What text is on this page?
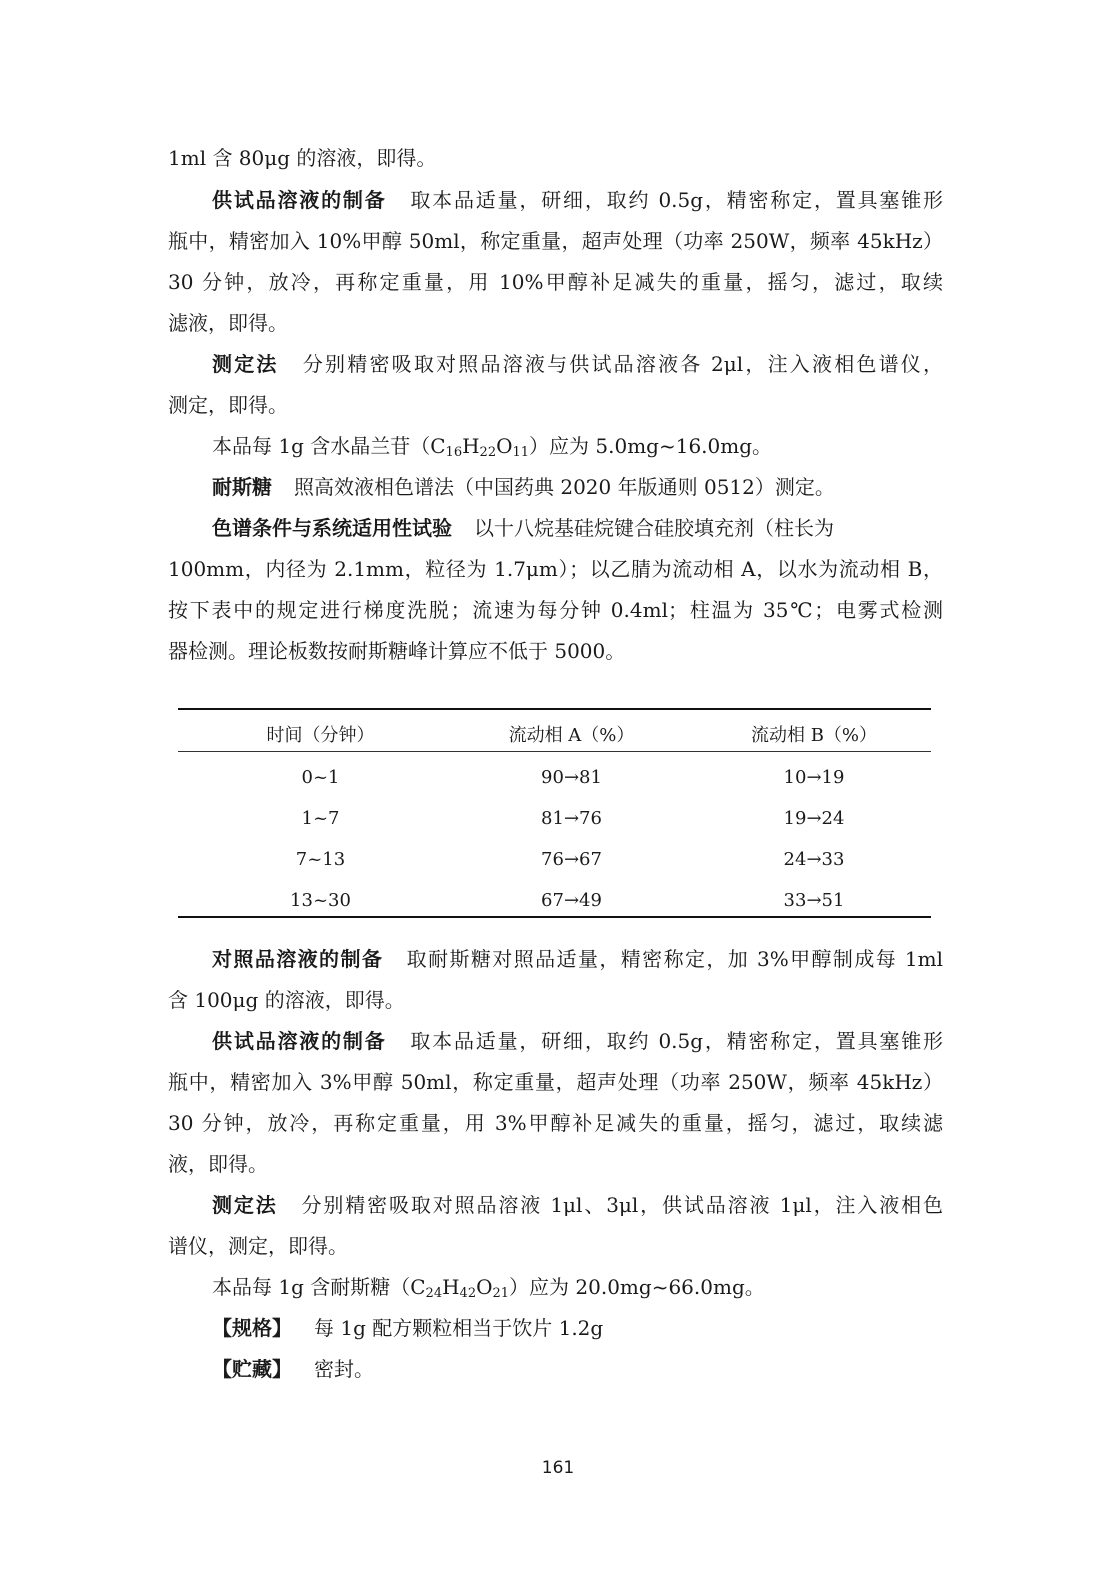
1ml 含 80μg 的溶液，即得。
供试品溶液的制备 取本品适量，研细，取约 0.5g，精密称定，置具塞锥形
瓶中，精密加入 10%甲醇 50ml，称定重量，超声处理（功率 250W，频率 45kHz）
30 分钟，放冷，再称定重量，用 10%甲醇补足减失的重量，摇匀，滤过，取续
滤液，即得。
测定法 分别精密吸取对照品溶液与供试品溶液各 2μl，注入液相色谱仪，
测定，即得。
本品每 1g 含水晶兰苷$(C_{16}H_{22}O_{11})$应为 5.0mg~16.0mg。
耐斯糖 照高效液相色谱法（中国药典 2020 年版通则 0512）测定。
色谱条件与系统适用性试验 以十八烷基硅烷键合硅胶填充剂（柱长为
100mm，内径为 2.1mm，粒径为 1.7μm）；以乙腈为流动相 A，以水为流动相 B，
按下表中的规定进行梯度洗脱；流速为每分钟 0.4ml；柱温为 35℃；电雾式检测
器检测。理论板数按耐斯糖峰计算应不低于 5000。
时间（分钟）	流动相 A（%）	流动相 B（%）
0~1	90→81	10→19
1~7	81→76	19→24
7~13	76→67	24→33
13~30	67→49	33→51
对照品溶液的制备 取耐斯糖对照品适量，精密称定，加 3%甲醇制成每 1ml
含 100μg 的溶液，即得。
供试品溶液的制备 取本品适量，研细，取约 0.5g，精密称定，置具塞锥形
瓶中，精密加入 3%甲醇 50ml，称定重量，超声处理（功率 250W，频率 45kHz）
30 分钟，放冷，再称定重量，用 3%甲醇补足减失的重量，摇匀，滤过，取续滤
液，即得。
测定法 分别精密吸取对照品溶液 1μl、3μl，供试品溶液 1μl，注入液相色
谱仪，测定，即得。
本品每 1g 含耐斯糖$(C_{24}H_{42}O_{21})$应为 20.0mg~66.0mg。
【规格】 每 1g 配方颗粒相当于饮片 1.2g
【贮藏】 密封。
161
